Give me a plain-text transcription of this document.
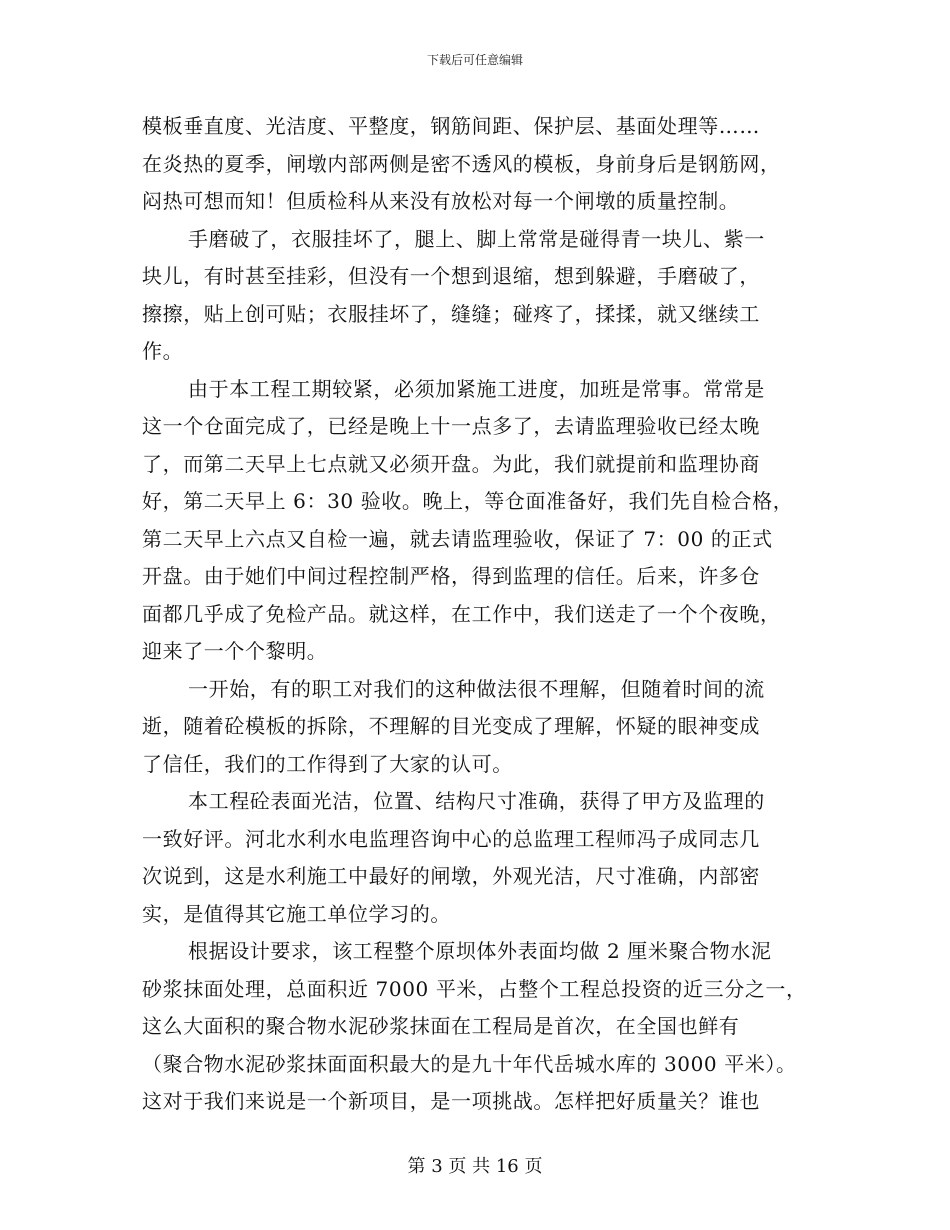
下载后可任意编辑
模板垂直度、光洁度、平整度，钢筋间距、保护层、基面处理等……
在炎热的夏季，闸墩内部两侧是密不透风的模板，身前身后是钢筋网，
闷热可想而知！但质检科从来没有放松对每一个闸墩的质量控制。
手磨破了，衣服挂坏了，腿上、脚上常常是碰得青一块儿、紫一
块儿，有时甚至挂彩，但没有一个想到退缩，想到躲避，手磨破了，
擦擦，贴上创可贴；衣服挂坏了，缝缝；碰疼了，揉揉，就又继续工
作。
由于本工程工期较紧，必须加紧施工进度，加班是常事。常常是
这一个仓面完成了，已经是晚上十一点多了，去请监理验收已经太晚
了，而第二天早上七点就又必须开盘。为此，我们就提前和监理协商
好，第二天早上 6：30 验收。晚上，等仓面准备好，我们先自检合格，
第二天早上六点又自检一遍，就去请监理验收，保证了 7：00 的正式
开盘。由于她们中间过程控制严格，得到监理的信任。后来，许多仓
面都几乎成了免检产品。就这样，在工作中，我们送走了一个个夜晚，
迎来了一个个黎明。
一开始，有的职工对我们的这种做法很不理解，但随着时间的流
逝，随着砼模板的拆除，不理解的目光变成了理解，怀疑的眼神变成
了信任，我们的工作得到了大家的认可。
本工程砼表面光洁，位置、结构尺寸准确，获得了甲方及监理的
一致好评。河北水利水电监理咨询中心的总监理工程师冯子成同志几
次说到，这是水利施工中最好的闸墩，外观光洁，尺寸准确，内部密
实，是值得其它施工单位学习的。
根据设计要求，该工程整个原坝体外表面均做 2 厘米聚合物水泥
砂浆抹面处理，总面积近 7000 平米，占整个工程总投资的近三分之一，
这么大面积的聚合物水泥砂浆抹面在工程局是首次，在全国也鲜有
（聚合物水泥砂浆抹面面积最大的是九十年代岳城水库的 3000 平米）。
这对于我们来说是一个新项目，是一项挑战。怎样把好质量关？谁也
第 3 页 共 16 页
